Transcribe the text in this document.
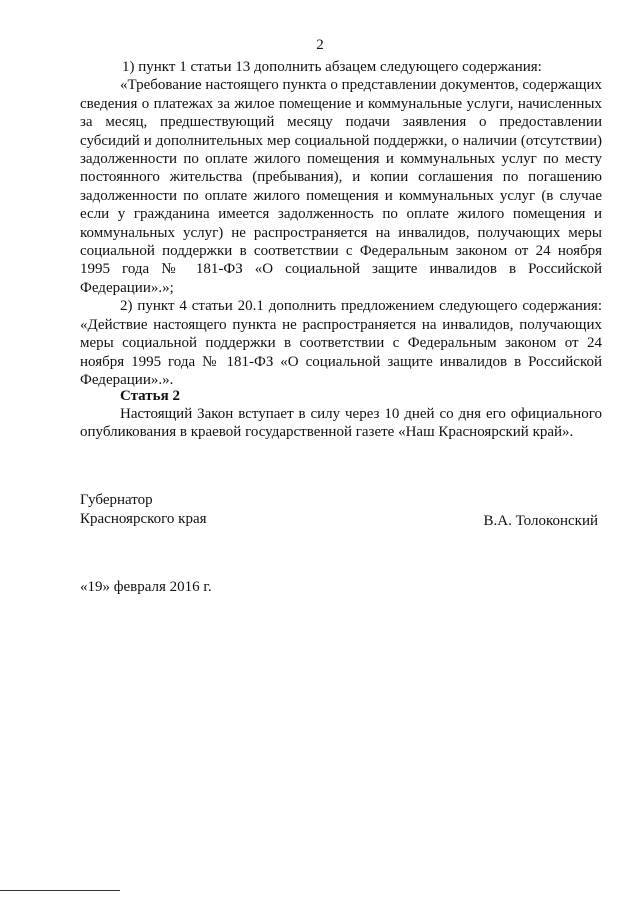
2

1) пункт 1 статьи 13 дополнить абзацем следующего содержания:

«Требование настоящего пункта о представлении документов, содержащих сведения о платежах за жилое помещение и коммунальные услуги, начисленных за месяц, предшествующий месяцу подачи заявления о предоставлении субсидий и дополнительных мер социальной поддержки, о наличии (отсутствии) задолженности по оплате жилого помещения и коммунальных услуг по месту постоянного жительства (пребывания), и копии соглашения по погашению задолженности по оплате жилого помещения и коммунальных услуг (в случае если у гражданина имеется задолженность по оплате жилого помещения и коммунальных услуг) не распространяется на инвалидов, получающих меры социальной поддержки в соответствии с Федеральным законом от 24 ноября 1995 года № 181-ФЗ «О социальной защите инвалидов в Российской Федерации».»;

2) пункт 4 статьи 20.1 дополнить предложением следующего содержания: «Действие настоящего пункта не распространяется на инвалидов, получающих меры социальной поддержки в соответствии с Федеральным законом от 24 ноября 1995 года № 181-ФЗ «О социальной защите инвалидов в Российской Федерации».».

Статья 2

Настоящий Закон вступает в силу через 10 дней со дня его официального опубликования в краевой государственной газете «Наш Красноярский край».

Губернатор
Красноярского края	В.А. Толоконский
«19» февраля 2016 г.
